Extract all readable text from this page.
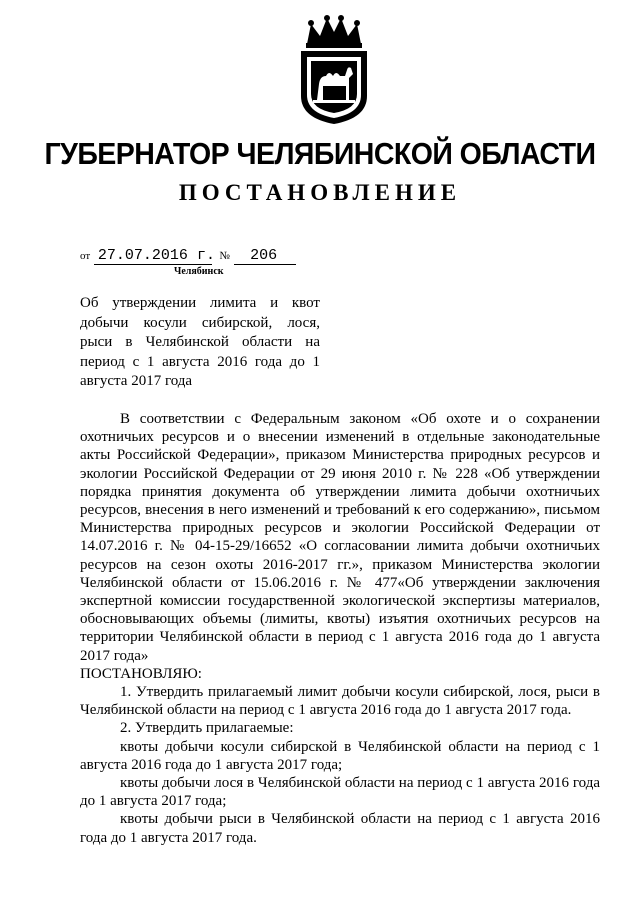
ГУБЕРНАТОР ЧЕЛЯБИНСКОЙ ОБЛАСТИ
ПОСТАНОВЛЕНИЕ
от 27.07.2016 г. № 206
Челябинск
Об утверждении лимита и квот добычи косули сибирской, лося, рыси в Челябинской области на период с 1 августа 2016 года до 1 августа 2017 года

В соответствии с Федеральным законом «Об охоте и о сохранении охотничьих ресурсов и о внесении изменений в отдельные законодательные акты Российской Федерации», приказом Министерства природных ресурсов и экологии Российской Федерации от 29 июня 2010 г. № 228 «Об утверждении порядка принятия документа об утверждении лимита добычи охотничьих ресурсов, внесения в него изменений и требований к его содержанию», письмом Министерства природных ресурсов и экологии Российской Федерации от 14.07.2016 г. № 04-15-29/16652 «О согласовании лимита добычи охотничьих ресурсов на сезон охоты 2016-2017 гг.», приказом Министерства экологии Челябинской области от 15.06.2016 г. № 477«Об утверждении заключения экспертной комиссии государственной экологической экспертизы материалов, обосновывающих объемы (лимиты, квоты) изъятия охотничьих ресурсов на территории Челябинской области в период с 1 августа 2016 года до 1 августа 2017 года»

ПОСТАНОВЛЯЮ:

1. Утвердить прилагаемый лимит добычи косули сибирской, лося, рыси в Челябинской области на период с 1 августа 2016 года до 1 августа 2017 года.

2. Утвердить прилагаемые:

квоты добычи косули сибирской в Челябинской области на период с 1 августа 2016 года до 1 августа 2017 года;

квоты добычи лося в Челябинской области на период с 1 августа 2016 года до 1 августа 2017 года;

квоты добычи рыси в Челябинской области на период с 1 августа 2016 года до 1 августа 2017 года.
